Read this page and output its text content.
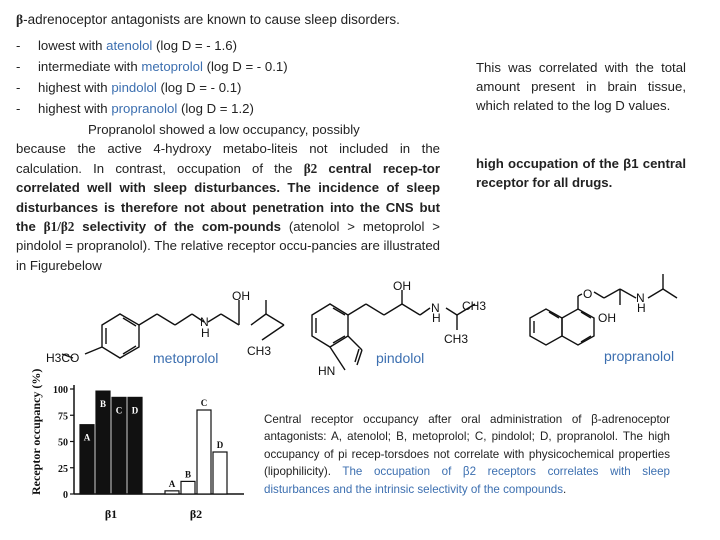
β-adrenoceptor antagonists are known to cause sleep disorders.
- lowest with atenolol (log D = - 1.6)
- intermediate with metoprolol (log D = - 0.1)
- highest with pindolol (log D = - 0.1)
- highest with propranolol (log D = 1.2)
Propranolol showed a low occupancy, possibly
because the active 4-hydroxy metabo-liteis not included in the calculation. In contrast, occupation of the β2 central recep-tor correlated well with sleep disturbances. The incidence of sleep disturbances is therefore not about penetration into the CNS but the β1/β2 selectivity of the com-pounds (atenolol > metoprolol > pindolol = propranolol). The relative receptor occu-pancies are illustrated in Figurebelow
This was correlated with the total amount present in brain tissue, which related to the log D values.
high occupation of the β1 central receptor for all drugs.
H3CO
OH
N
H
CH3
OH
N
H
CH3
CH3
HN
O
OH
N
H
metoprolol	pindolol	propranolol
Receptor occupancy (%)
0
25
50
75
100
A
B
C D
β1
A
B
C
D
β2
Central receptor occupancy after oral administration of β-adrenoceptor antagonists: A, atenolol; B, metoprolol; C, pindolol; D, propranolol. The high occupancy of pi recep-torsdoes not correlate with physicochemical properties (lipophilicity). The occupation of β2 receptors correlates with sleep disturbances and the intrinsic selectivity of the compounds.
